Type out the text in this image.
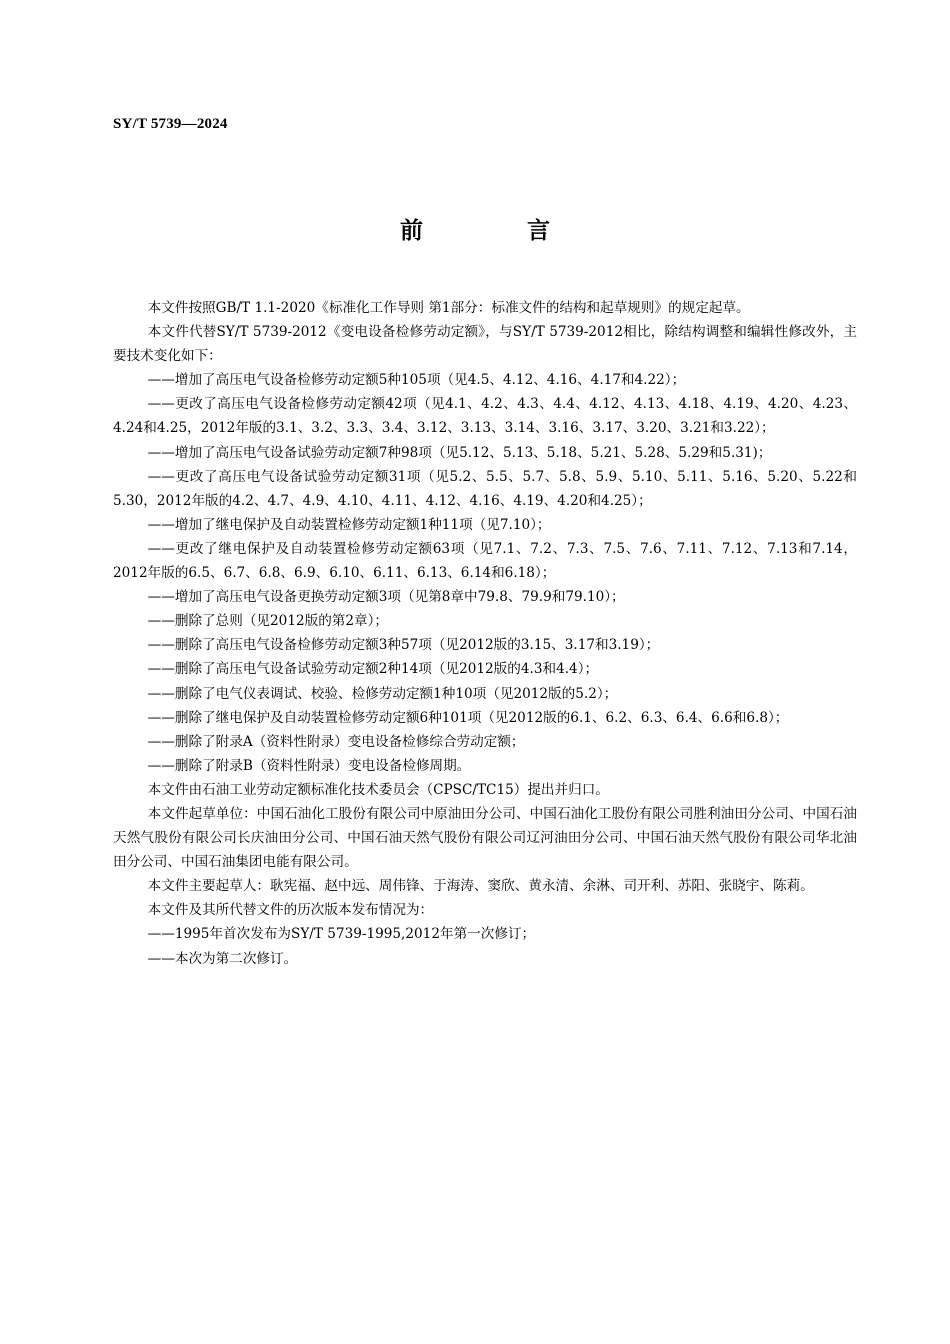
SY/T 5739—2024
前 言

本文件按照GB/T 1.1-2020《标准化工作导则 第1部分：标准文件的结构和起草规则》的规定起草。

本文件代替SY/T 5739-2012《变电设备检修劳动定额》，与SY/T 5739-2012相比，除结构调整和编辑性修改外，主要技术变化如下：

——增加了高压电气设备检修劳动定额5种105项（见4.5、4.12、4.16、4.17和4.22）；

——更改了高压电气设备检修劳动定额42项（见4.1、4.2、4.3、4.4、4.12、4.13、4.18、4.19、4.20、4.23、4.24和4.25，2012年版的3.1、3.2、3.3、3.4、3.12、3.13、3.14、3.16、3.17、3.20、3.21和3.22）；

——增加了高压电气设备试验劳动定额7种98项（见5.12、5.13、5.18、5.21、5.28、5.29和5.31)；

——更改了高压电气设备试验劳动定额31项（见5.2、5.5、5.7、5.8、5.9、5.10、5.11、5.16、5.20、5.22和5.30，2012年版的4.2、4.7、4.9、4.10、4.11、4.12、4.16、4.19、4.20和4.25）；

——增加了继电保护及自动装置检修劳动定额1种11项（见7.10）；

——更改了继电保护及自动装置检修劳动定额63项（见7.1、7.2、7.3、7.5、7.6、7.11、7.12、7.13和7.14，2012年版的6.5、6.7、6.8、6.9、6.10、6.11、6.13、6.14和6.18）；

——增加了高压电气设备更换劳动定额3项（见第8章中79.8、79.9和79.10）；

——删除了总则（见2012版的第2章）；

——删除了高压电气设备检修劳动定额3种57项（见2012版的3.15、3.17和3.19）；

——删除了高压电气设备试验劳动定额2种14项（见2012版的4.3和4.4）；

——删除了电气仪表调试、校验、检修劳动定额1种10项（见2012版的5.2）；

——删除了继电保护及自动装置检修劳动定额6种101项（见2012版的6.1、6.2、6.3、6.4、6.6和6.8）；

——删除了附录A（资料性附录）变电设备检修综合劳动定额；

——删除了附录B（资料性附录）变电设备检修周期。

本文件由石油工业劳动定额标准化技术委员会（CPSC/TC15）提出并归口。

本文件起草单位：中国石油化工股份有限公司中原油田分公司、中国石油化工股份有限公司胜利油田分公司、中国石油天然气股份有限公司长庆油田分公司、中国石油天然气股份有限公司辽河油田分公司、中国石油天然气股份有限公司华北油田分公司、中国石油集团电能有限公司。

本文件主要起草人：耿宪福、赵中远、周伟锋、于海涛、窦欣、黄永清、余淋、司开利、苏阳、张晓宇、陈莉。

本文件及其所代替文件的历次版本发布情况为：

——1995年首次发布为SY/T 5739-1995,2012年第一次修订；

——本次为第二次修订。
